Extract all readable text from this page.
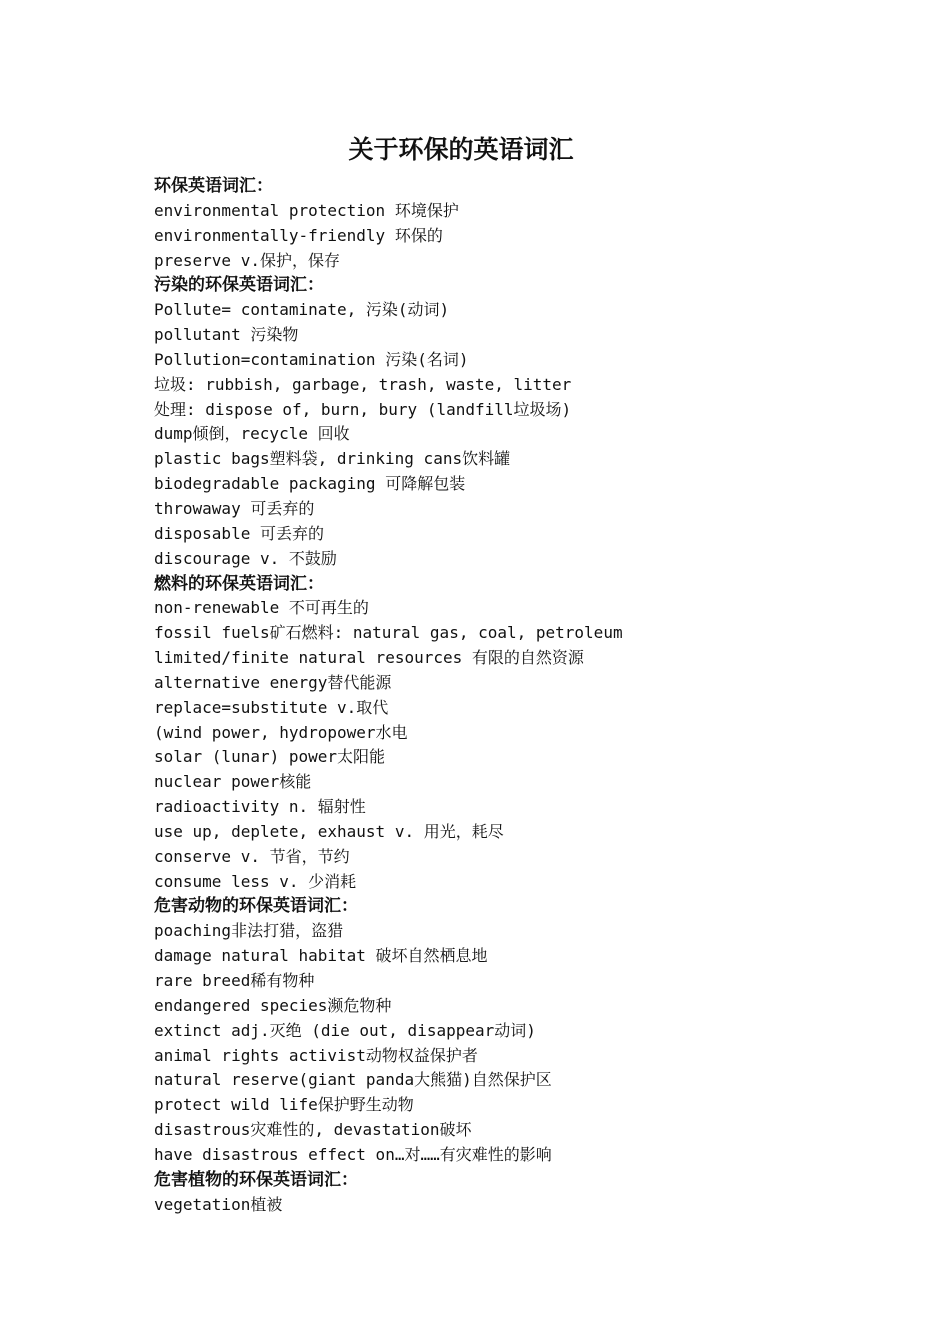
关于环保的英语词汇
环保英语词汇：
environmental protection 环境保护
environmentally-friendly 环保的
preserve v.保护，保存
污染的环保英语词汇：
Pollute= contaminate, 污染(动词)
pollutant 污染物
Pollution=contamination 污染(名词)
垃圾: rubbish, garbage, trash, waste, litter
处理: dispose of, burn, bury (landfill垃圾场)
dump倾倒，recycle 回收
plastic bags塑料袋, drinking cans饮料罐
biodegradable packaging 可降解包装
throwaway 可丢弃的
disposable 可丢弃的
discourage v. 不鼓励
燃料的环保英语词汇：
non-renewable 不可再生的
fossil fuels矿石燃料: natural gas, coal, petroleum
limited/finite natural resources 有限的自然资源
alternative energy替代能源
replace=substitute v.取代
(wind power, hydropower水电
solar (lunar) power太阳能
nuclear power核能
radioactivity n. 辐射性
use up, deplete, exhaust v. 用光，耗尽
conserve v. 节省，节约
consume less v. 少消耗
危害动物的环保英语词汇：
poaching非法打猎，盗猎
damage natural habitat 破坏自然栖息地
rare breed稀有物种
endangered species濒危物种
extinct adj.灭绝 (die out, disappear动词)
animal rights activist动物权益保护者
natural reserve(giant panda大熊猫)自然保护区
protect wild life保护野生动物
disastrous灾难性的, devastation破坏
have disastrous effect on…对……有灾难性的影响
危害植物的环保英语词汇：
vegetation植被
